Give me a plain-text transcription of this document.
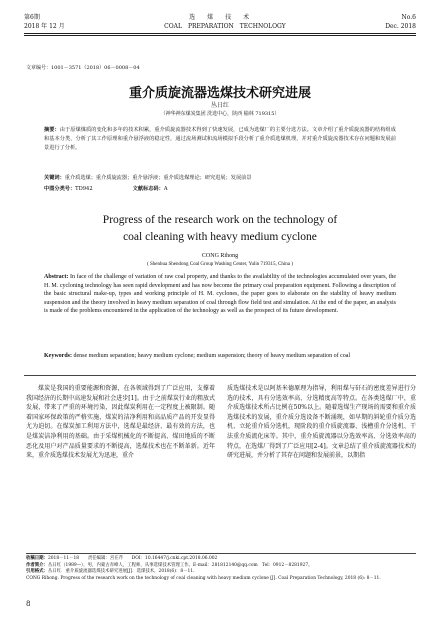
第6期	选　煤　技　术	No.6
2018 年 12 月	COAL　PREPARATION　TECHNOLOGY	Dec. 2018
文章编号：1001－3571（2018）06－0008－04
重介质旋流器选煤技术研究进展
丛日红
（神华神东煤炭集团 洗选中心，陕西 榆林 719315）
摘要：由于原煤煤质的变化和多年的技术积累，重介质旋流器技术得到了快速发展，已成为选煤厂的主要分选方法。文章介绍了重介质旋流器的结构组成和基本分类，分析了其工作原理和重介悬浮液的稳定性，通过流场测试和流场模拟手段分析了重介质选煤机理，并对重介质旋流器技术存在问题和发展前景进行了分析。
关键词：重介质选煤；重介质旋流器；重介悬浮液；重介质选煤理论；研究进展；发展前景
中图分类号：TD942	文献标志码：A
Progress of the research work on the technology of
coal cleaning with heavy medium cyclone
CONG Rihong
( Shenhua Shendong Coal Group Washing Center, Yulin 719315, China )
Abstract: In face of the challenge of variation of raw coal property, and thanks to the availability of the technologies accumulated over years, the H. M. cycloning technology has seen rapid development and has now become the primary coal preparation equipment. Following a description of the basic structural make-up, types and working principle of H. M. cyclones, the paper goes to elaborate on the stability of heavy medium suspension and the theory involved in heavy medium separation of coal through flow field test and simulation. At the end of the paper, an analysis is made of the problems encountered in the application of the technology as well as the prospect of its future development.
Keywords: dense medium separation; heavy medium cyclone; medium suspension; theory of heavy medium separation of coal

煤炭是我国的重要能源和资源，在各领域得到了广泛应用，支撑着我国经济的长期中高速发展和社会进步[1]。由于之前煤炭行业的粗放式发展，带来了严重的环境污染，因此煤炭利用在一定程度上被限制。随着国家环保政策的严格实施，煤炭的洁净利用和高品质产品的开发显得尤为迫切。在煤炭加工利用方法中，选煤是最经济、最有效的方法，也是煤炭洁净利用的基础。由于采煤机械化的不断提高、煤田地质的不断恶化及用户对产品质量要求的不断提高，选煤技术也在不断革新。近年来，重介质选煤技术发展尤为迅速，重介

质选煤技术是以阿基米德原理为指导，利用煤与矸石的密度差异进行分选的技术，具有分选效率高、分选精度高等特点。在各类选煤厂中，重介质选煤技术所占比例在50%以上。随着选煤生产现场的需要和重介质选煤技术的发展，重介质分选设备不断涌现，如早期的斜轮重介质分选机、立轮重介质分选机，现阶段的重介质旋流器、浅槽重介分选机、干法重介质流化床等。其中，重介质旋流器以分选效率高、分选效率高的特点，在选煤厂得到了广泛应用[2-4]。文章总结了重介质旋流器技术的研究进展，并分析了其存在问题和发展前景，以期指

收稿日期：2018－11－18　　责任编辑：宫在芹　　DOI：10.16447/j.cnki.cpt.2018.06.002
作者简介：丛日红（1989—），男，内蒙古赤峰人，工程师，从事选煤技术管理工作。E-mail：281812140@qq.com　Tel：0912－8281927。
引用格式：丛日红．重介质旋流器选煤技术研究进展[J]．选煤技术，2018(6)：8－11.
CONG Rihong. Progress of the research work on the technology of coal cleaning with heavy medium cyclone [J]. Coal Preparation Technology, 2018 (6): 8－11.
8
